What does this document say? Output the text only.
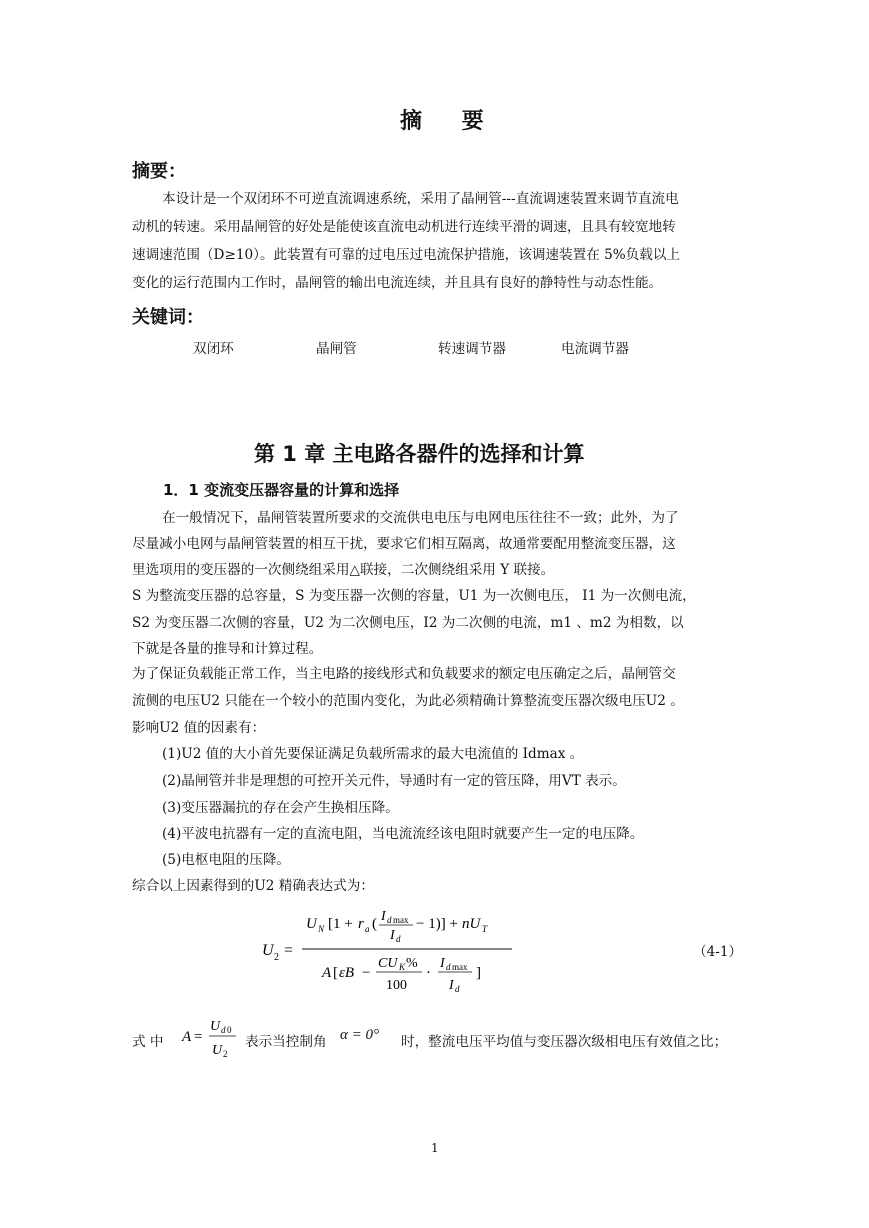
摘 要
摘要：
本设计是一个双闭环不可逆直流调速系统，采用了晶闸管---直流调速装置来调节直流电
动机的转速。采用晶闸管的好处是能使该直流电动机进行连续平滑的调速，且具有较宽地转
速调速范围（D≥10）。此装置有可靠的过电压过电流保护措施，该调速装置在 5%负载以上
变化的运行范围内工作时，晶闸管的输出电流连续，并且具有良好的静特性与动态性能。
关键词：
双闭环	晶闸管	转速调节器	电流调节器
第 1 章 主电路各器件的选择和计算
1．1 变流变压器容量的计算和选择
在一般情况下，晶闸管装置所要求的交流供电电压与电网电压往往不一致；此外，为了
尽量减小电网与晶闸管装置的相互干扰，要求它们相互隔离，故通常要配用整流变压器，这
里选项用的变压器的一次侧绕组采用△联接，二次侧绕组采用 Y 联接。
S 为整流变压器的总容量，S 为变压器一次侧的容量，U1 为一次侧电压， I1 为一次侧电流，
S2 为变压器二次侧的容量，U2 为二次侧电压，I2 为二次侧的电流，m1 、m2 为相数，以
下就是各量的推导和计算过程。
为了保证负载能正常工作，当主电路的接线形式和负载要求的额定电压确定之后，晶闸管交
流侧的电压U2 只能在一个较小的范围内变化，为此必须精确计算整流变压器次级电压U2 。
影响U2 值的因素有：
(1)U2 值的大小首先要保证满足负载所需求的最大电流值的 Idmax 。
(2)晶闸管并非是理想的可控开关元件，导通时有一定的管压降，用VT 表示。
(3)变压器漏抗的存在会产生换相压降。
(4)平波电抗器有一定的直流电阻，当电流流经该电阻时就要产生一定的电压降。
(5)电枢电阻的压降。
综合以上因素得到的U2 精确表达式为：
U 2 =
U N [1 + r a ( I d max
I d
− 1)] + nU T
A [ εB −
CU K %
100
·
I d max
I d
]
（4-1）
式 中 A =
U d 0
U 2
表示当控制角 α = 0° 时，整流电压平均值与变压器次级相电压有效值之比；
1
